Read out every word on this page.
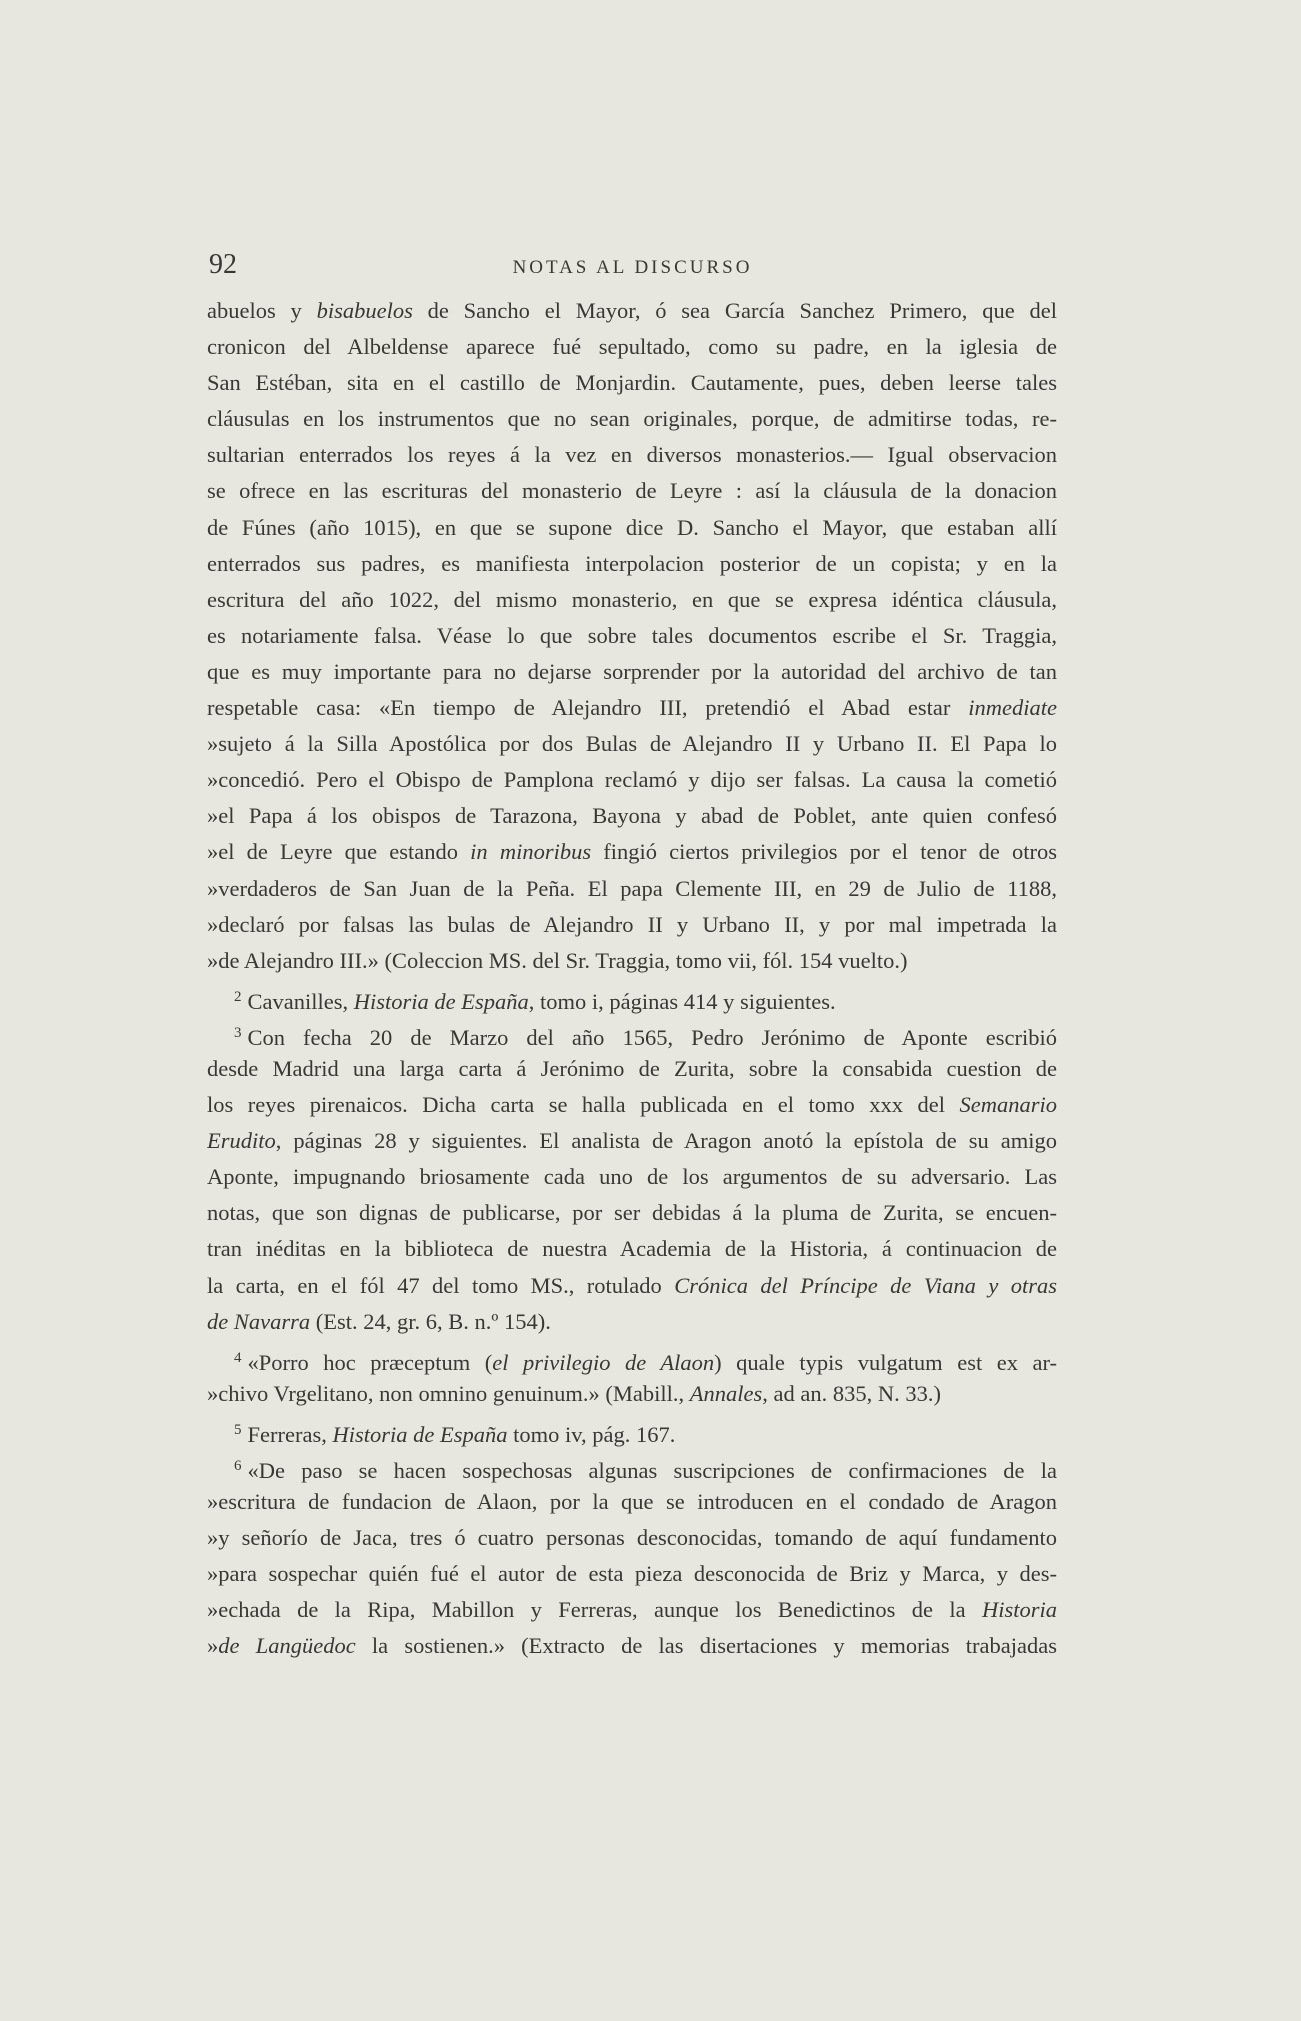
92	NOTAS AL DISCURSO
abuelos y bisabuelos de Sancho el Mayor, ó sea García Sanchez Primero, que del
cronicon del Albeldense aparece fué sepultado, como su padre, en la iglesia de
San Estéban, sita en el castillo de Monjardin. Cautamente, pues, deben leerse tales
cláusulas en los instrumentos que no sean originales, porque, de admitirse todas, re-
sultarian enterrados los reyes á la vez en diversos monasterios.— Igual observacion
se ofrece en las escrituras del monasterio de Leyre : así la cláusula de la donacion
de Fúnes (año 1015), en que se supone dice D. Sancho el Mayor, que estaban allí
enterrados sus padres, es manifiesta interpolacion posterior de un copista; y en la
escritura del año 1022, del mismo monasterio, en que se expresa idéntica cláusula,
es notariamente falsa. Véase lo que sobre tales documentos escribe el Sr. Traggia,
que es muy importante para no dejarse sorprender por la autoridad del archivo de tan
respetable casa: «En tiempo de Alejandro III, pretendió el Abad estar inmediate
»sujeto á la Silla Apostólica por dos Bulas de Alejandro II y Urbano II. El Papa lo
»concedió. Pero el Obispo de Pamplona reclamó y dijo ser falsas. La causa la cometió
»el Papa á los obispos de Tarazona, Bayona y abad de Poblet, ante quien confesó
»el de Leyre que estando in minoribus fingió ciertos privilegios por el tenor de otros
»verdaderos de San Juan de la Peña. El papa Clemente III, en 29 de Julio de 1188,
»declaró por falsas las bulas de Alejandro II y Urbano II, y por mal impetrada la
»de Alejandro III.» (Coleccion MS. del Sr. Traggia, tomo vii, fól. 154 vuelto.)
$^2$ Cavanilles, Historia de España, tomo i, páginas 414 y siguientes.
$^3$ Con fecha 20 de Marzo del año 1565, Pedro Jerónimo de Aponte escribió
desde Madrid una larga carta á Jerónimo de Zurita, sobre la consabida cuestion de
los reyes pirenaicos. Dicha carta se halla publicada en el tomo xxx del Semanario
Erudito, páginas 28 y siguientes. El analista de Aragon anotó la epístola de su amigo
Aponte, impugnando briosamente cada uno de los argumentos de su adversario. Las
notas, que son dignas de publicarse, por ser debidas á la pluma de Zurita, se encuen-
tran inéditas en la biblioteca de nuestra Academia de la Historia, á continuacion de
la carta, en el fól 47 del tomo MS., rotulado Crónica del Príncipe de Viana y otras
de Navarra (Est. 24, gr. 6, B. n.º 154).
$^4$ «Porro hoc præceptum (el privilegio de Alaon) quale typis vulgatum est ex ar-
»chivo Vrgelitano, non omnino genuinum.» (Mabill., Annales, ad an. 835, N. 33.)
$^5$ Ferreras, Historia de España tomo iv, pág. 167.
$^6$ «De paso se hacen sospechosas algunas suscripciones de confirmaciones de la
»escritura de fundacion de Alaon, por la que se introducen en el condado de Aragon
»y señorío de Jaca, tres ó cuatro personas desconocidas, tomando de aquí fundamento
»para sospechar quién fué el autor de esta pieza desconocida de Briz y Marca, y des-
»echada de la Ripa, Mabillon y Ferreras, aunque los Benedictinos de la Historia
»de Langüedoc la sostienen.» (Extracto de las disertaciones y memorias trabajadas
